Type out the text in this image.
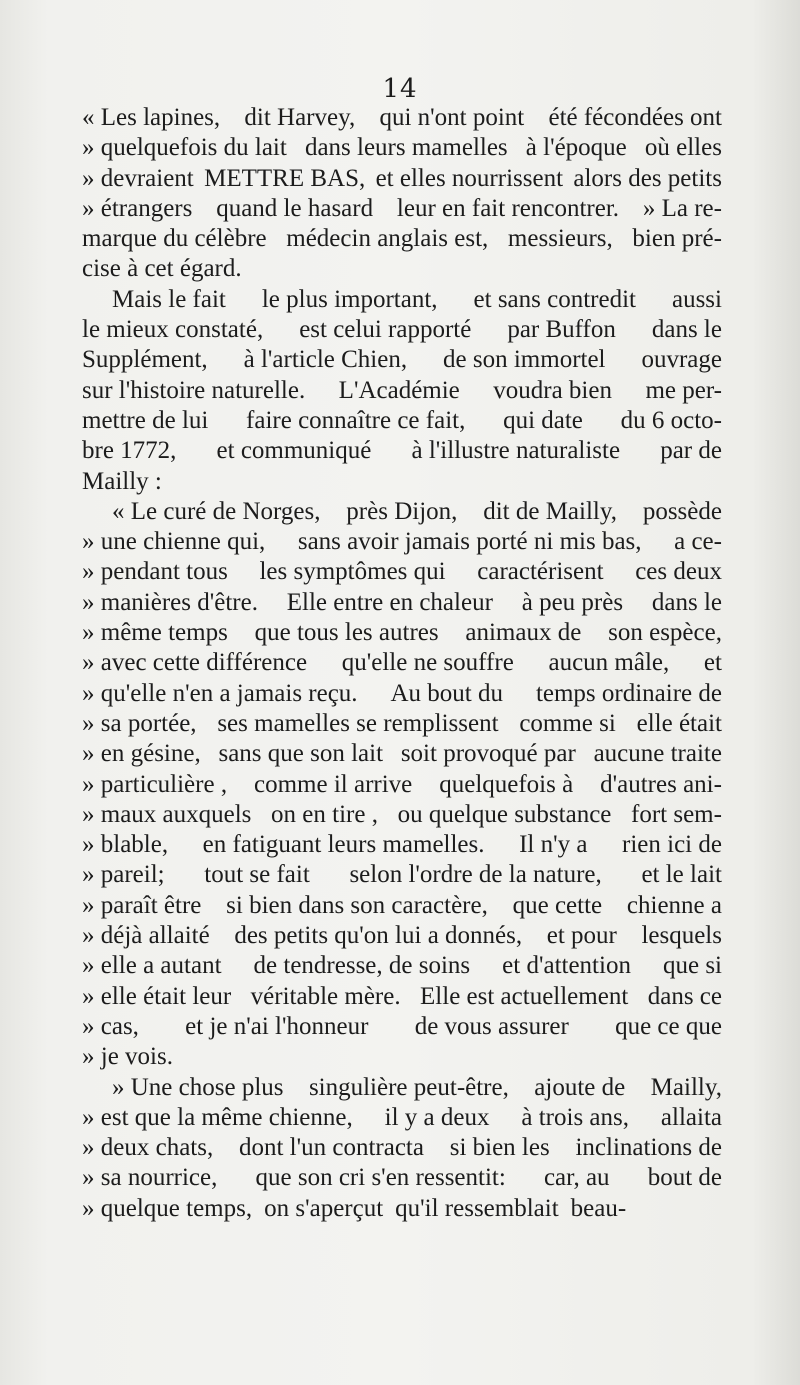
14
« Les lapines, dit Harvey, qui n'ont point été fécondées ont
» quelquefois du lait dans leurs mamelles à l'époque où elles
» devraient METTRE BAS, et elles nourrissent alors des petits
» étrangers quand le hasard leur en fait rencontrer. » La re-
marque du célèbre médecin anglais est, messieurs, bien pré-
cise à cet égard.
Mais le fait le plus important, et sans contredit aussi
le mieux constaté, est celui rapporté par Buffon dans le
Supplément, à l'article Chien, de son immortel ouvrage
sur l'histoire naturelle. L'Académie voudra bien me per-
mettre de lui faire connaître ce fait, qui date du 6 octo-
bre 1772, et communiqué à l'illustre naturaliste par de
Mailly :
« Le curé de Norges, près Dijon, dit de Mailly, possède
» une chienne qui, sans avoir jamais porté ni mis bas, a ce-
» pendant tous les symptômes qui caractérisent ces deux
» manières d'être. Elle entre en chaleur à peu près dans le
» même temps que tous les autres animaux de son espèce,
» avec cette différence qu'elle ne souffre aucun mâle, et
» qu'elle n'en a jamais reçu. Au bout du temps ordinaire de
» sa portée, ses mamelles se remplissent comme si elle était
» en gésine, sans que son lait soit provoqué par aucune traite
» particulière , comme il arrive quelquefois à d'autres ani-
» maux auxquels on en tire , ou quelque substance fort sem-
» blable, en fatiguant leurs mamelles. Il n'y a rien ici de
» pareil; tout se fait selon l'ordre de la nature, et le lait
» paraît être si bien dans son caractère, que cette chienne a
» déjà allaité des petits qu'on lui a donnés, et pour lesquels
» elle a autant de tendresse, de soins et d'attention que si
» elle était leur véritable mère. Elle est actuellement dans ce
» cas, et je n'ai l'honneur de vous assurer que ce que
» je vois.
» Une chose plus singulière peut-être, ajoute de Mailly,
» est que la même chienne, il y a deux à trois ans, allaita
» deux chats, dont l'un contracta si bien les inclinations de
» sa nourrice, que son cri s'en ressentit: car, au bout de
» quelque temps, on s'aperçut qu'il ressemblait beau-
